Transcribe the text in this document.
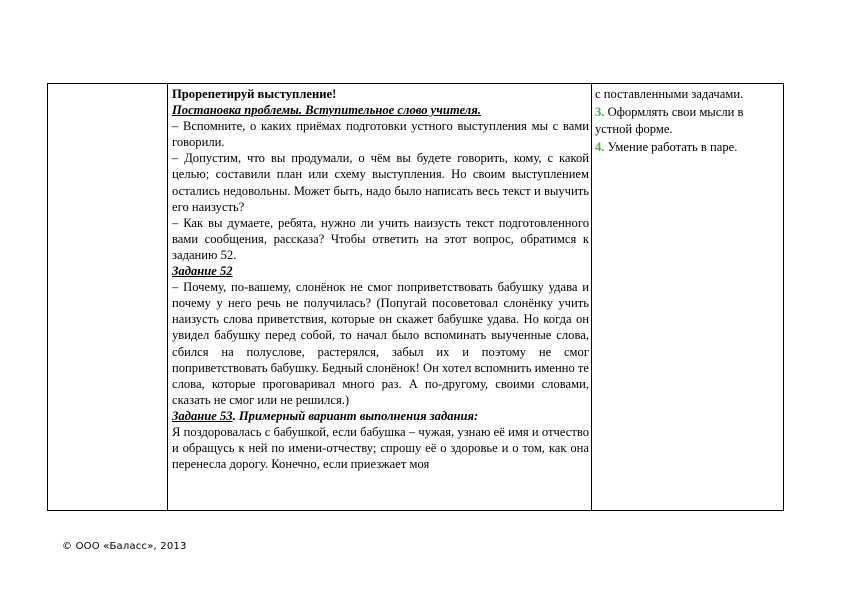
Прорепетируй выступление!

Постановка проблемы. Вступительное слово учителя.

– Вспомните, о каких приёмах подготовки устного выступления мы с вами говорили.

– Допустим, что вы продумали, о чём вы будете говорить, кому, с какой целью; составили план или схему выступления. Но своим выступлением остались недовольны. Может быть, надо было написать весь текст и выучить его наизусть?

– Как вы думаете, ребята, нужно ли учить наизусть текст подготовленного вами сообщения, рассказа? Чтобы ответить на этот вопрос, обратимся к заданию 52.

Задание 52

– Почему, по-вашему, слонёнок не смог поприветствовать бабушку удава и почему у него речь не получилась? (Попугай посоветовал слонёнку учить наизусть слова приветствия, которые он скажет бабушке удава. Но когда он увидел бабушку перед собой, то начал было вспоминать выученные слова, сбился на полуслове, растерялся, забыл их и поэтому не смог поприветствовать бабушку. Бедный слонёнок! Он хотел вспомнить именно те слова, которые проговаривал много раз. А по-другому, своими словами, сказать не смог или не решился.)

Задание 53. Примерный вариант выполнения задания:

Я поздоровалась с бабушкой, если бабушка – чужая, узнаю её имя и отчество и обращусь к ней по имени-отчеству; спрошу её о здоровье и о том, как она перенесла дорогу. Конечно, если приезжает моя

с поставленными задачами.

3. Оформлять свои мысли в устной форме.

4. Умение работать в паре.

© ООО «Баласс», 2013
